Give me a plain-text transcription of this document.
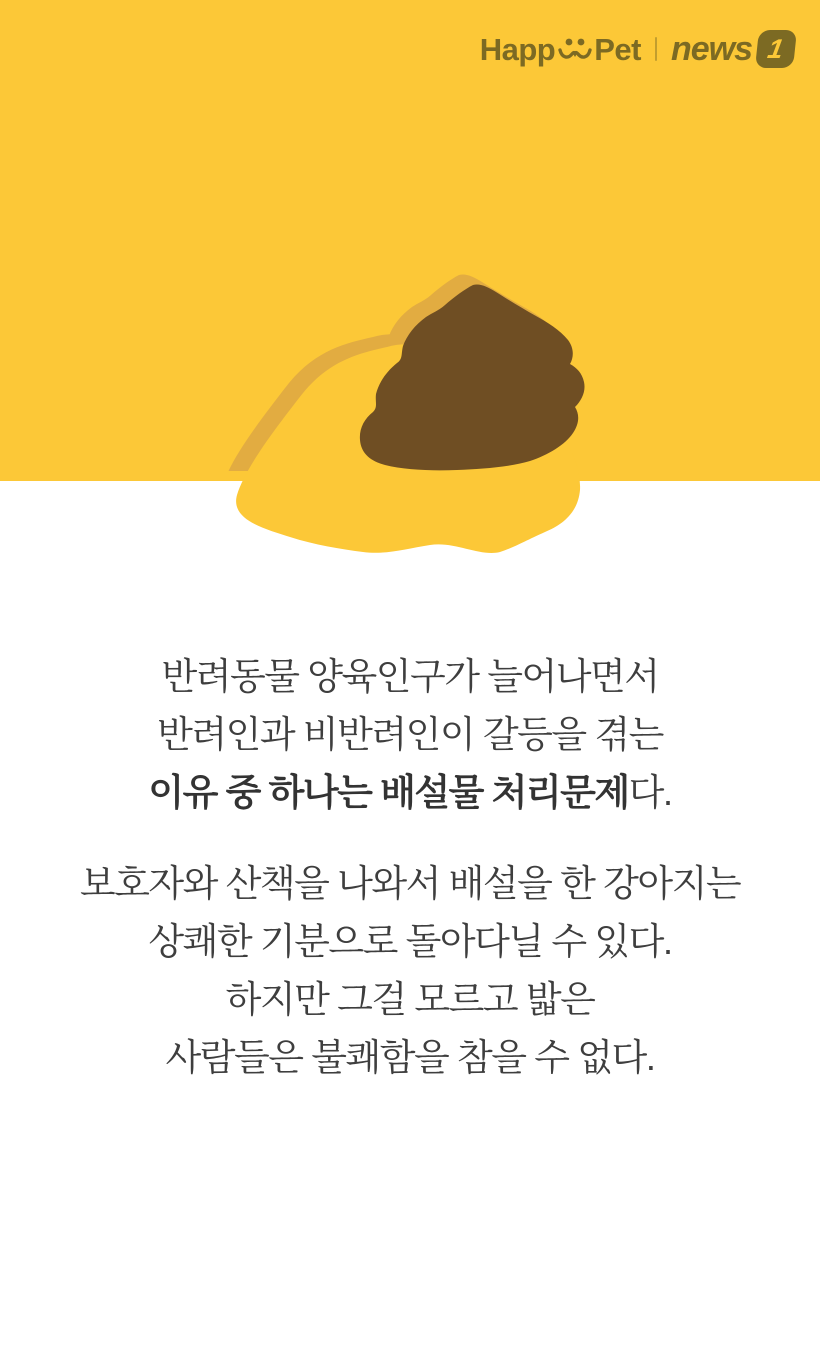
Happ Pet news 1
반려동물 양육인구가 늘어나면서
반려인과 비반려인이 갈등을 겪는
이유 중 하나는 배설물 처리문제다.
보호자와 산책을 나와서 배설을 한 강아지는
상쾌한 기분으로 돌아다닐 수 있다.
하지만 그걸 모르고 밟은
사람들은 불쾌함을 참을 수 없다.
